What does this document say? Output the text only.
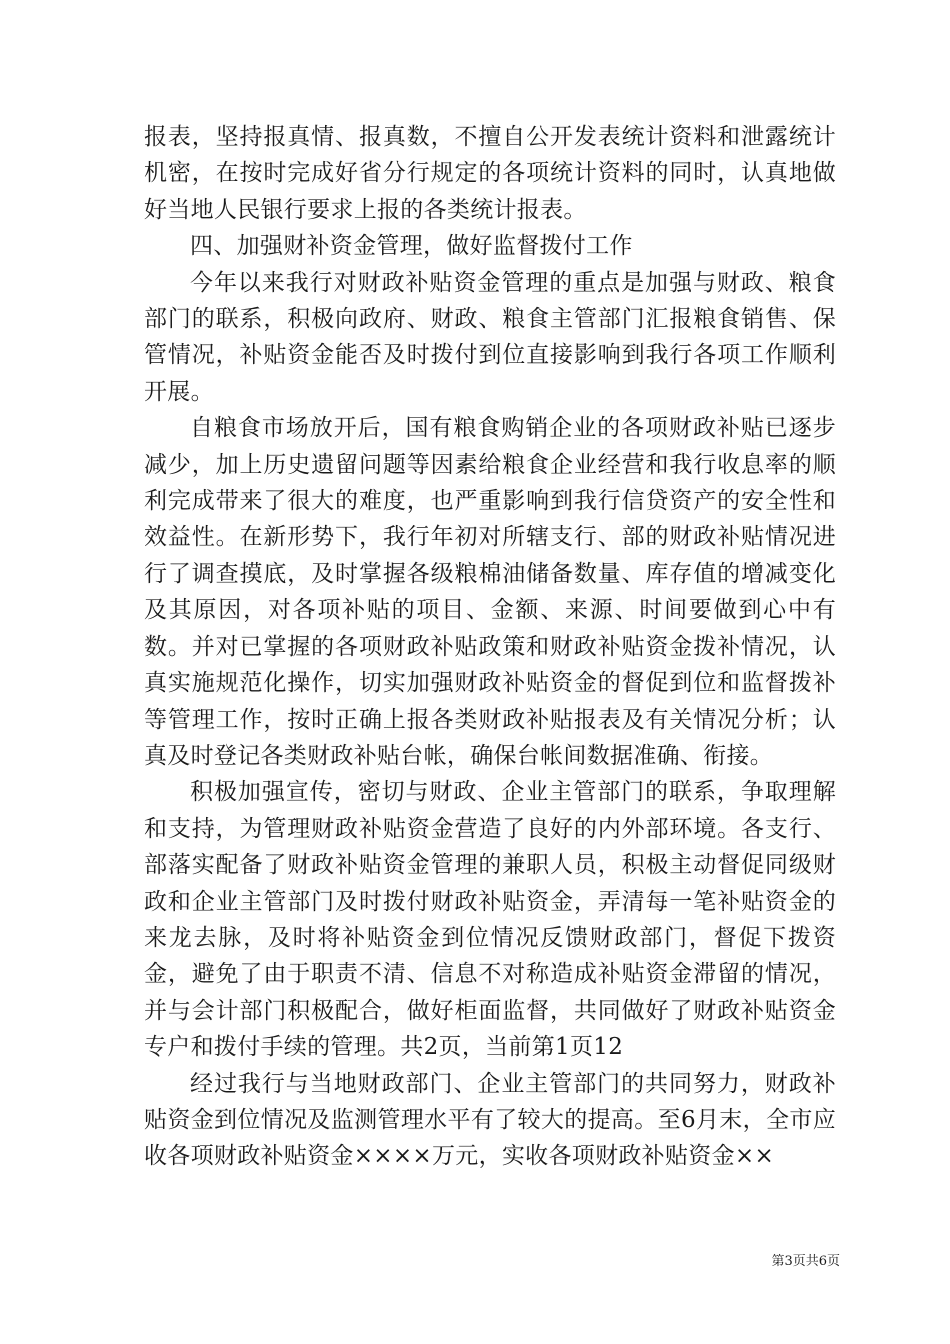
报表，坚持报真情、报真数，不擅自公开发表统计资料和泄露统计机密，在按时完成好省分行规定的各项统计资料的同时，认真地做好当地人民银行要求上报的各类统计报表。

四、加强财补资金管理，做好监督拨付工作

今年以来我行对财政补贴资金管理的重点是加强与财政、粮食部门的联系，积极向政府、财政、粮食主管部门汇报粮食销售、保管情况，补贴资金能否及时拨付到位直接影响到我行各项工作顺利开展。

自粮食市场放开后，国有粮食购销企业的各项财政补贴已逐步减少，加上历史遗留问题等因素给粮食企业经营和我行收息率的顺利完成带来了很大的难度，也严重影响到我行信贷资产的安全性和效益性。在新形势下，我行年初对所辖支行、部的财政补贴情况进行了调查摸底，及时掌握各级粮棉油储备数量、库存值的增减变化及其原因，对各项补贴的项目、金额、来源、时间要做到心中有数。并对已掌握的各项财政补贴政策和财政补贴资金拨补情况，认真实施规范化操作，切实加强财政补贴资金的督促到位和监督拨补等管理工作，按时正确上报各类财政补贴报表及有关情况分析；认真及时登记各类财政补贴台帐，确保台帐间数据准确、衔接。

积极加强宣传，密切与财政、企业主管部门的联系，争取理解和支持，为管理财政补贴资金营造了良好的内外部环境。各支行、部落实配备了财政补贴资金管理的兼职人员，积极主动督促同级财政和企业主管部门及时拨付财政补贴资金，弄清每一笔补贴资金的来龙去脉，及时将补贴资金到位情况反馈财政部门，督促下拨资金，避免了由于职责不清、信息不对称造成补贴资金滞留的情况，并与会计部门积极配合，做好柜面监督，共同做好了财政补贴资金专户和拨付手续的管理。共2页，当前第1页12

经过我行与当地财政部门、企业主管部门的共同努力，财政补贴资金到位情况及监测管理水平有了较大的提高。至6月末，全市应收各项财政补贴资金××××万元，实收各项财政补贴资金××

第3页共6页
